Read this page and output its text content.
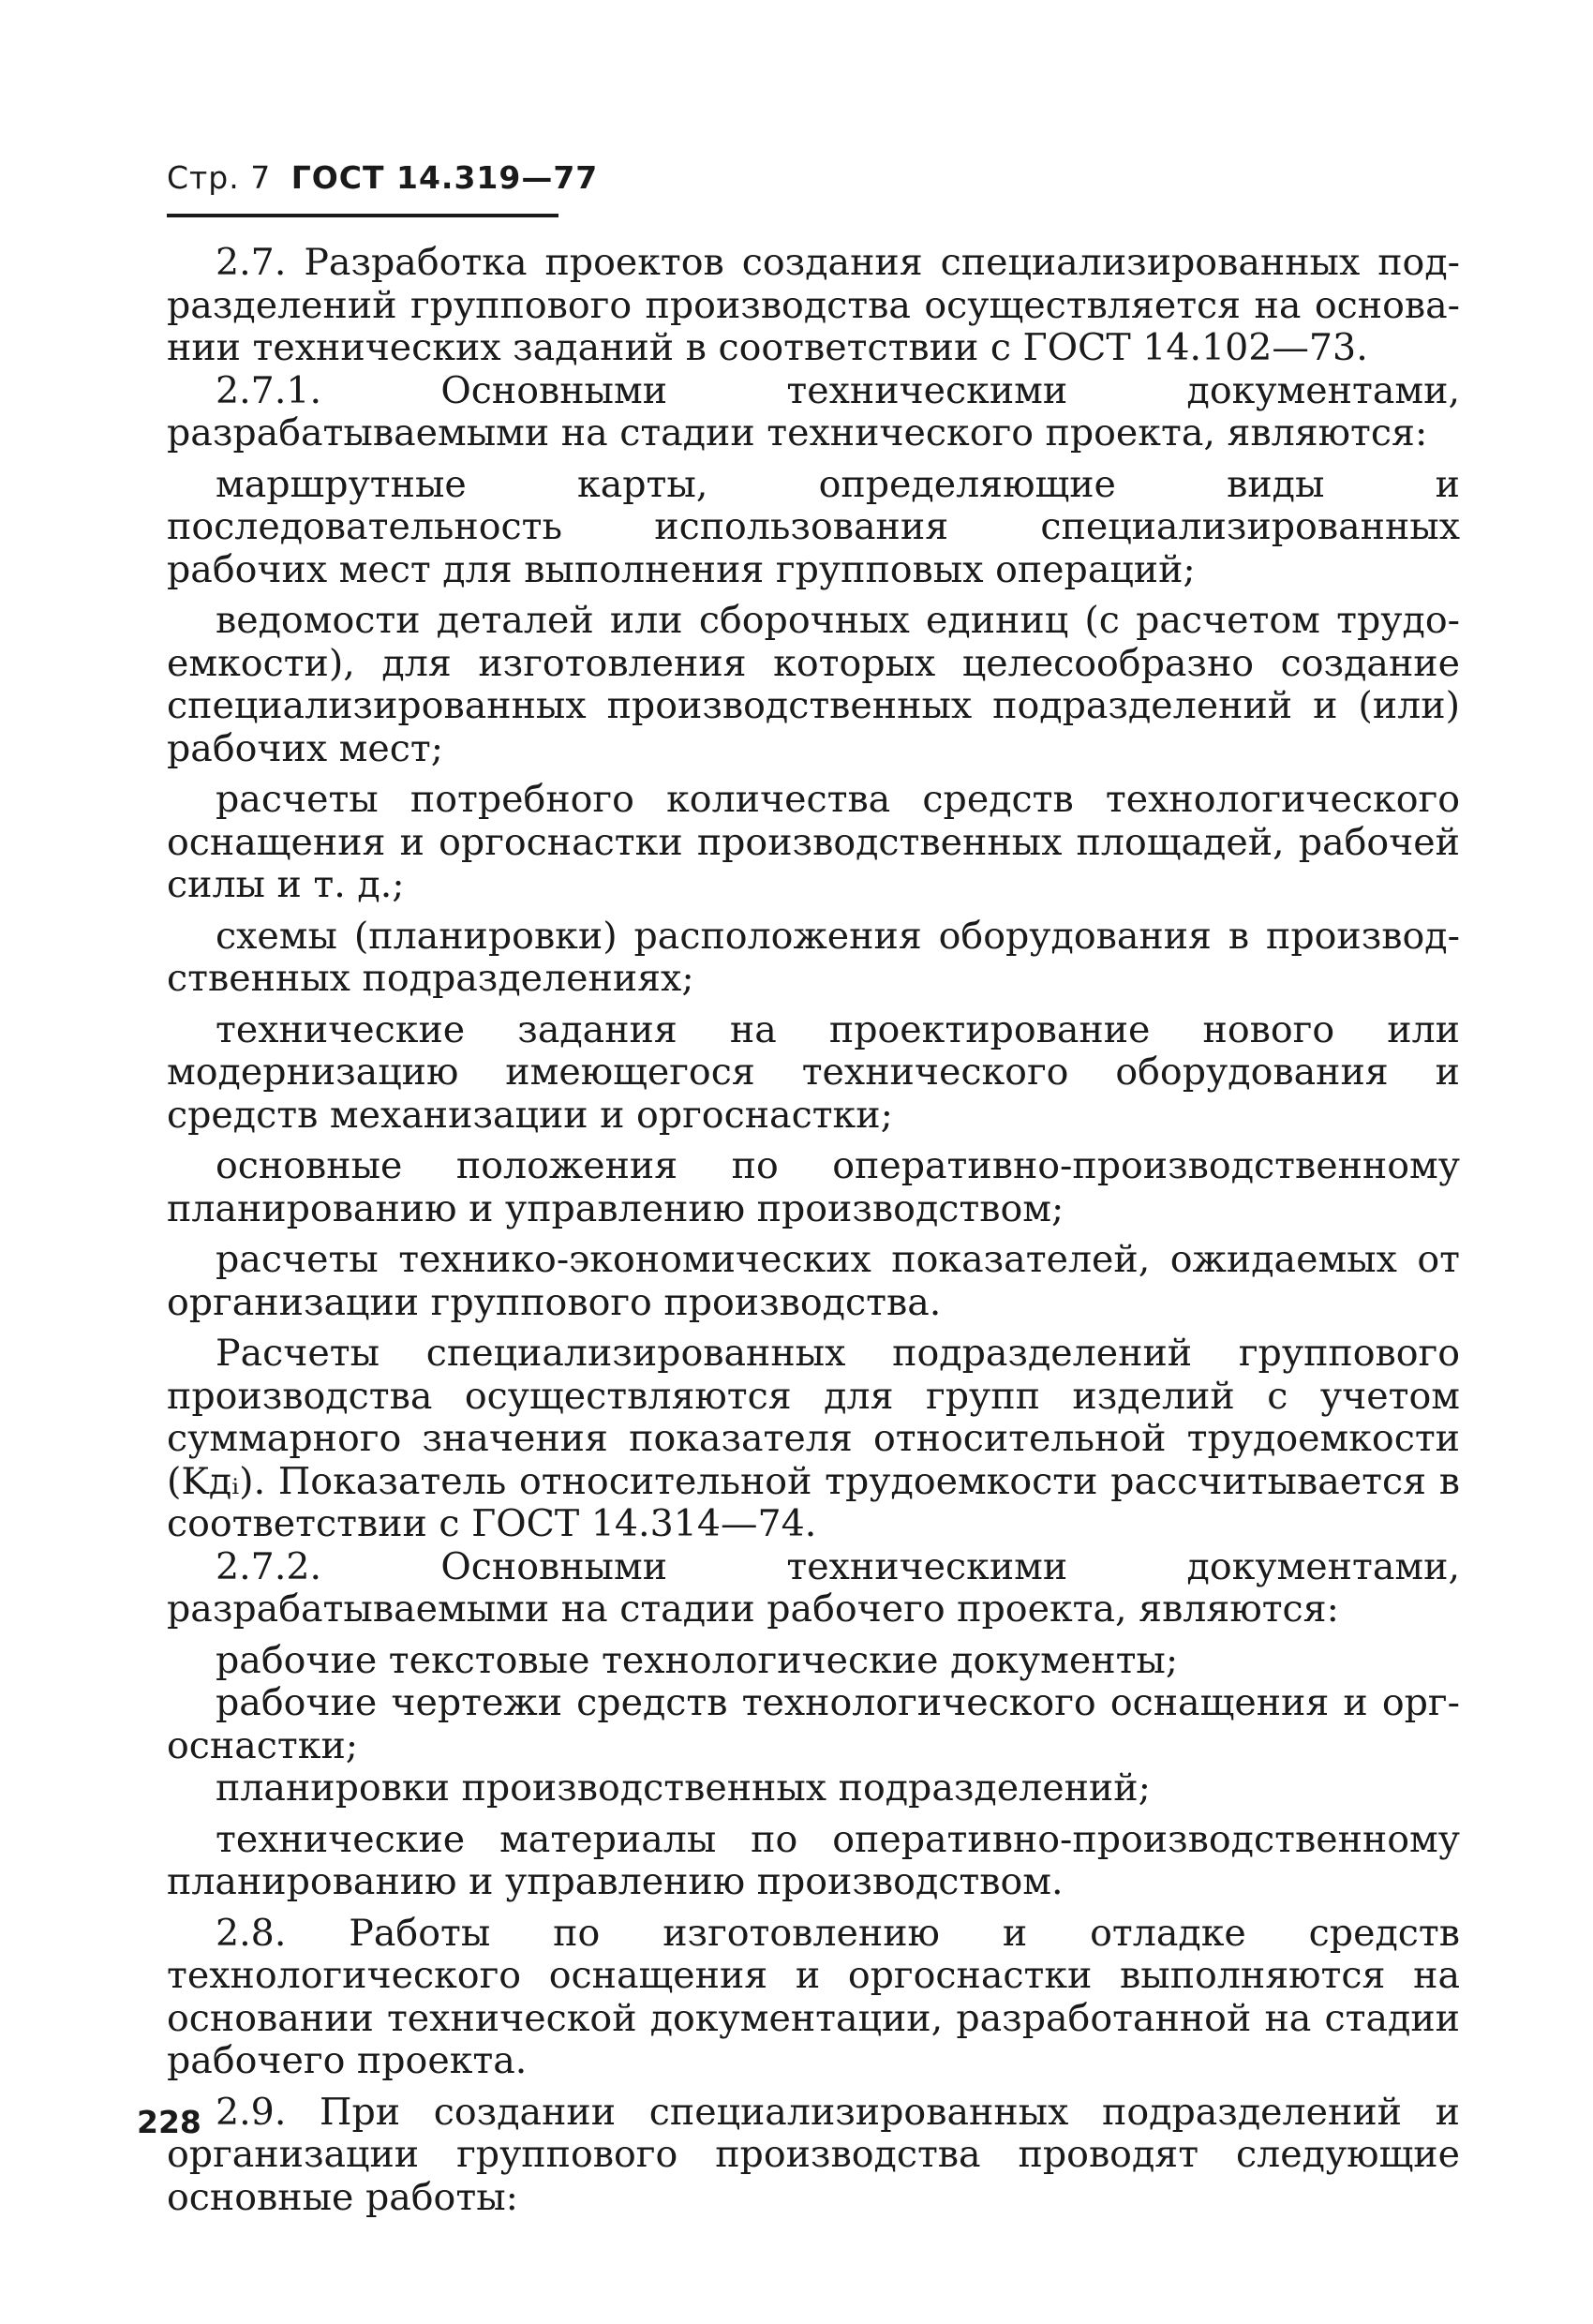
Стр. 7 ГОСТ 14.319—77

2.7. Разработка проектов создания специализированных подразделений группового производства осуществляется на основании технических заданий в соответствии с ГОСТ 14.102—73.

2.7.1. Основными техническими документами, разрабатываемыми на стадии технического проекта, являются:

маршрутные карты, определяющие виды и последовательность использования специализированных рабочих мест для выполнения групповых операций;

ведомости деталей или сборочных единиц (с расчетом трудоемкости), для изготовления которых целесообразно создание специализированных производственных подразделений и (или) рабочих мест;

расчеты потребного количества средств технологического оснащения и оргоснастки производственных площадей, рабочей силы и т. д.;

схемы (планировки) расположения оборудования в производственных подразделениях;

технические задания на проектирование нового или модернизацию имеющегося технического оборудования и средств механизации и оргоснастки;

основные положения по оперативно-производственному планированию и управлению производством;

расчеты технико-экономических показателей, ожидаемых от организации группового производства.

Расчеты специализированных подразделений группового производства осуществляются для групп изделий с учетом суммарного значения показателя относительной трудоемкости (Kдᵢ). Показатель относительной трудоемкости рассчитывается в соответствии с ГОСТ 14.314—74.

2.7.2. Основными техническими документами, разрабатываемыми на стадии рабочего проекта, являются:

рабочие текстовые технологические документы;

рабочие чертежи средств технологического оснащения и оргоснастки;

планировки производственных подразделений;

технические материалы по оперативно-производственному планированию и управлению производством.

2.8. Работы по изготовлению и отладке средств технологического оснащения и оргоснастки выполняются на основании технической документации, разработанной на стадии рабочего проекта.

2.9. При создании специализированных подразделений и организации группового производства проводят следующие основные работы:

228
